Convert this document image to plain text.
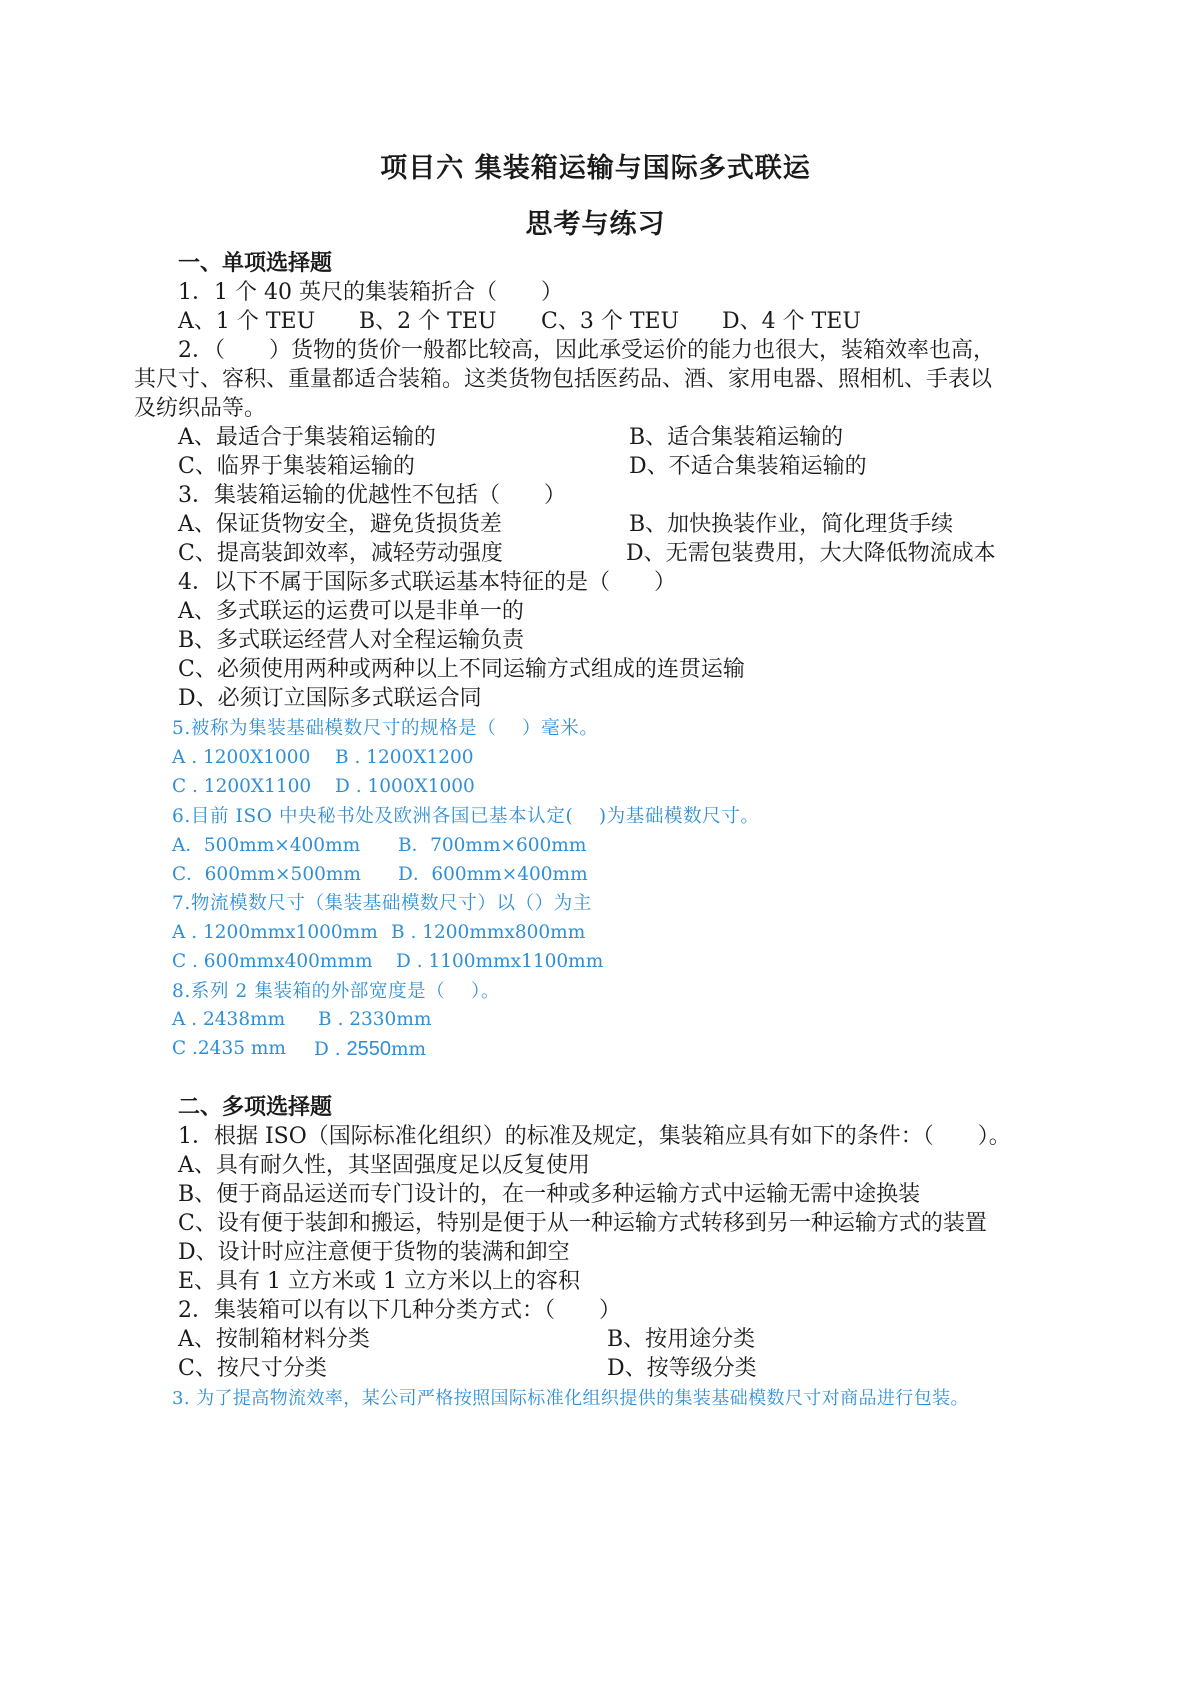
项目六 集装箱运输与国际多式联运
思考与练习
一、单项选择题
1．1 个 40 英尺的集装箱折合（　　）
A、1 个 TEU B、2 个 TEU C、3 个 TEU D、4 个 TEU
2．（　　）货物的货价一般都比较高，因此承受运价的能力也很大，装箱效率也高，
其尺寸、容积、重量都适合装箱。这类货物包括医药品、酒、家用电器、照相机、手表以
及纺织品等。
A、最适合于集装箱运输的	B、适合集装箱运输的
C、临界于集装箱运输的	D、不适合集装箱运输的
3．集装箱运输的优越性不包括（　　）
A、保证货物安全，避免货损货差	B、加快换装作业，简化理货手续
C、提高装卸效率，减轻劳动强度	D、无需包装费用，大大降低物流成本
4．以下不属于国际多式联运基本特征的是（　　）
A、多式联运的运费可以是非单一的
B、多式联运经营人对全程运输负责
C、必须使用两种或两种以上不同运输方式组成的连贯运输
D、必须订立国际多式联运合同
5.被称为集装基础模数尺寸的规格是（　 ）毫米。
A . 1200X1000 B . 1200X1200
C . 1200X1100 D . 1000X1000
6.目前 ISO 中央秘书处及欧洲各国已基本认定(　 )为基础模数尺寸。
A．500mm×400mm B．700mm×600mm
C．600mm×500mm D．600mm×400mm
7.物流模数尺寸（集装基础模数尺寸）以（）为主
A . 1200mmx1000mm B . 1200mmx800mm
C . 600mmx400mmm D . 1100mmx1100mm
8.系列 2 集装箱的外部宽度是（　 ）。
A . 2438mm B . 2330mm
C .2435 mm D . 2550mm
二、多项选择题
1．根据 ISO（国际标准化组织）的标准及规定，集装箱应具有如下的条件：（　　）。
A、具有耐久性，其坚固强度足以反复使用
B、便于商品运送而专门设计的，在一种或多种运输方式中运输无需中途换装
C、设有便于装卸和搬运，特别是便于从一种运输方式转移到另一种运输方式的装置
D、设计时应注意便于货物的装满和卸空
E、具有 1 立方米或 1 立方米以上的容积
2．集装箱可以有以下几种分类方式：（　　）
A、按制箱材料分类	B、按用途分类
C、按尺寸分类	D、按等级分类
3. 为了提高物流效率，某公司严格按照国际标准化组织提供的集装基础模数尺寸对商品进行包装。
